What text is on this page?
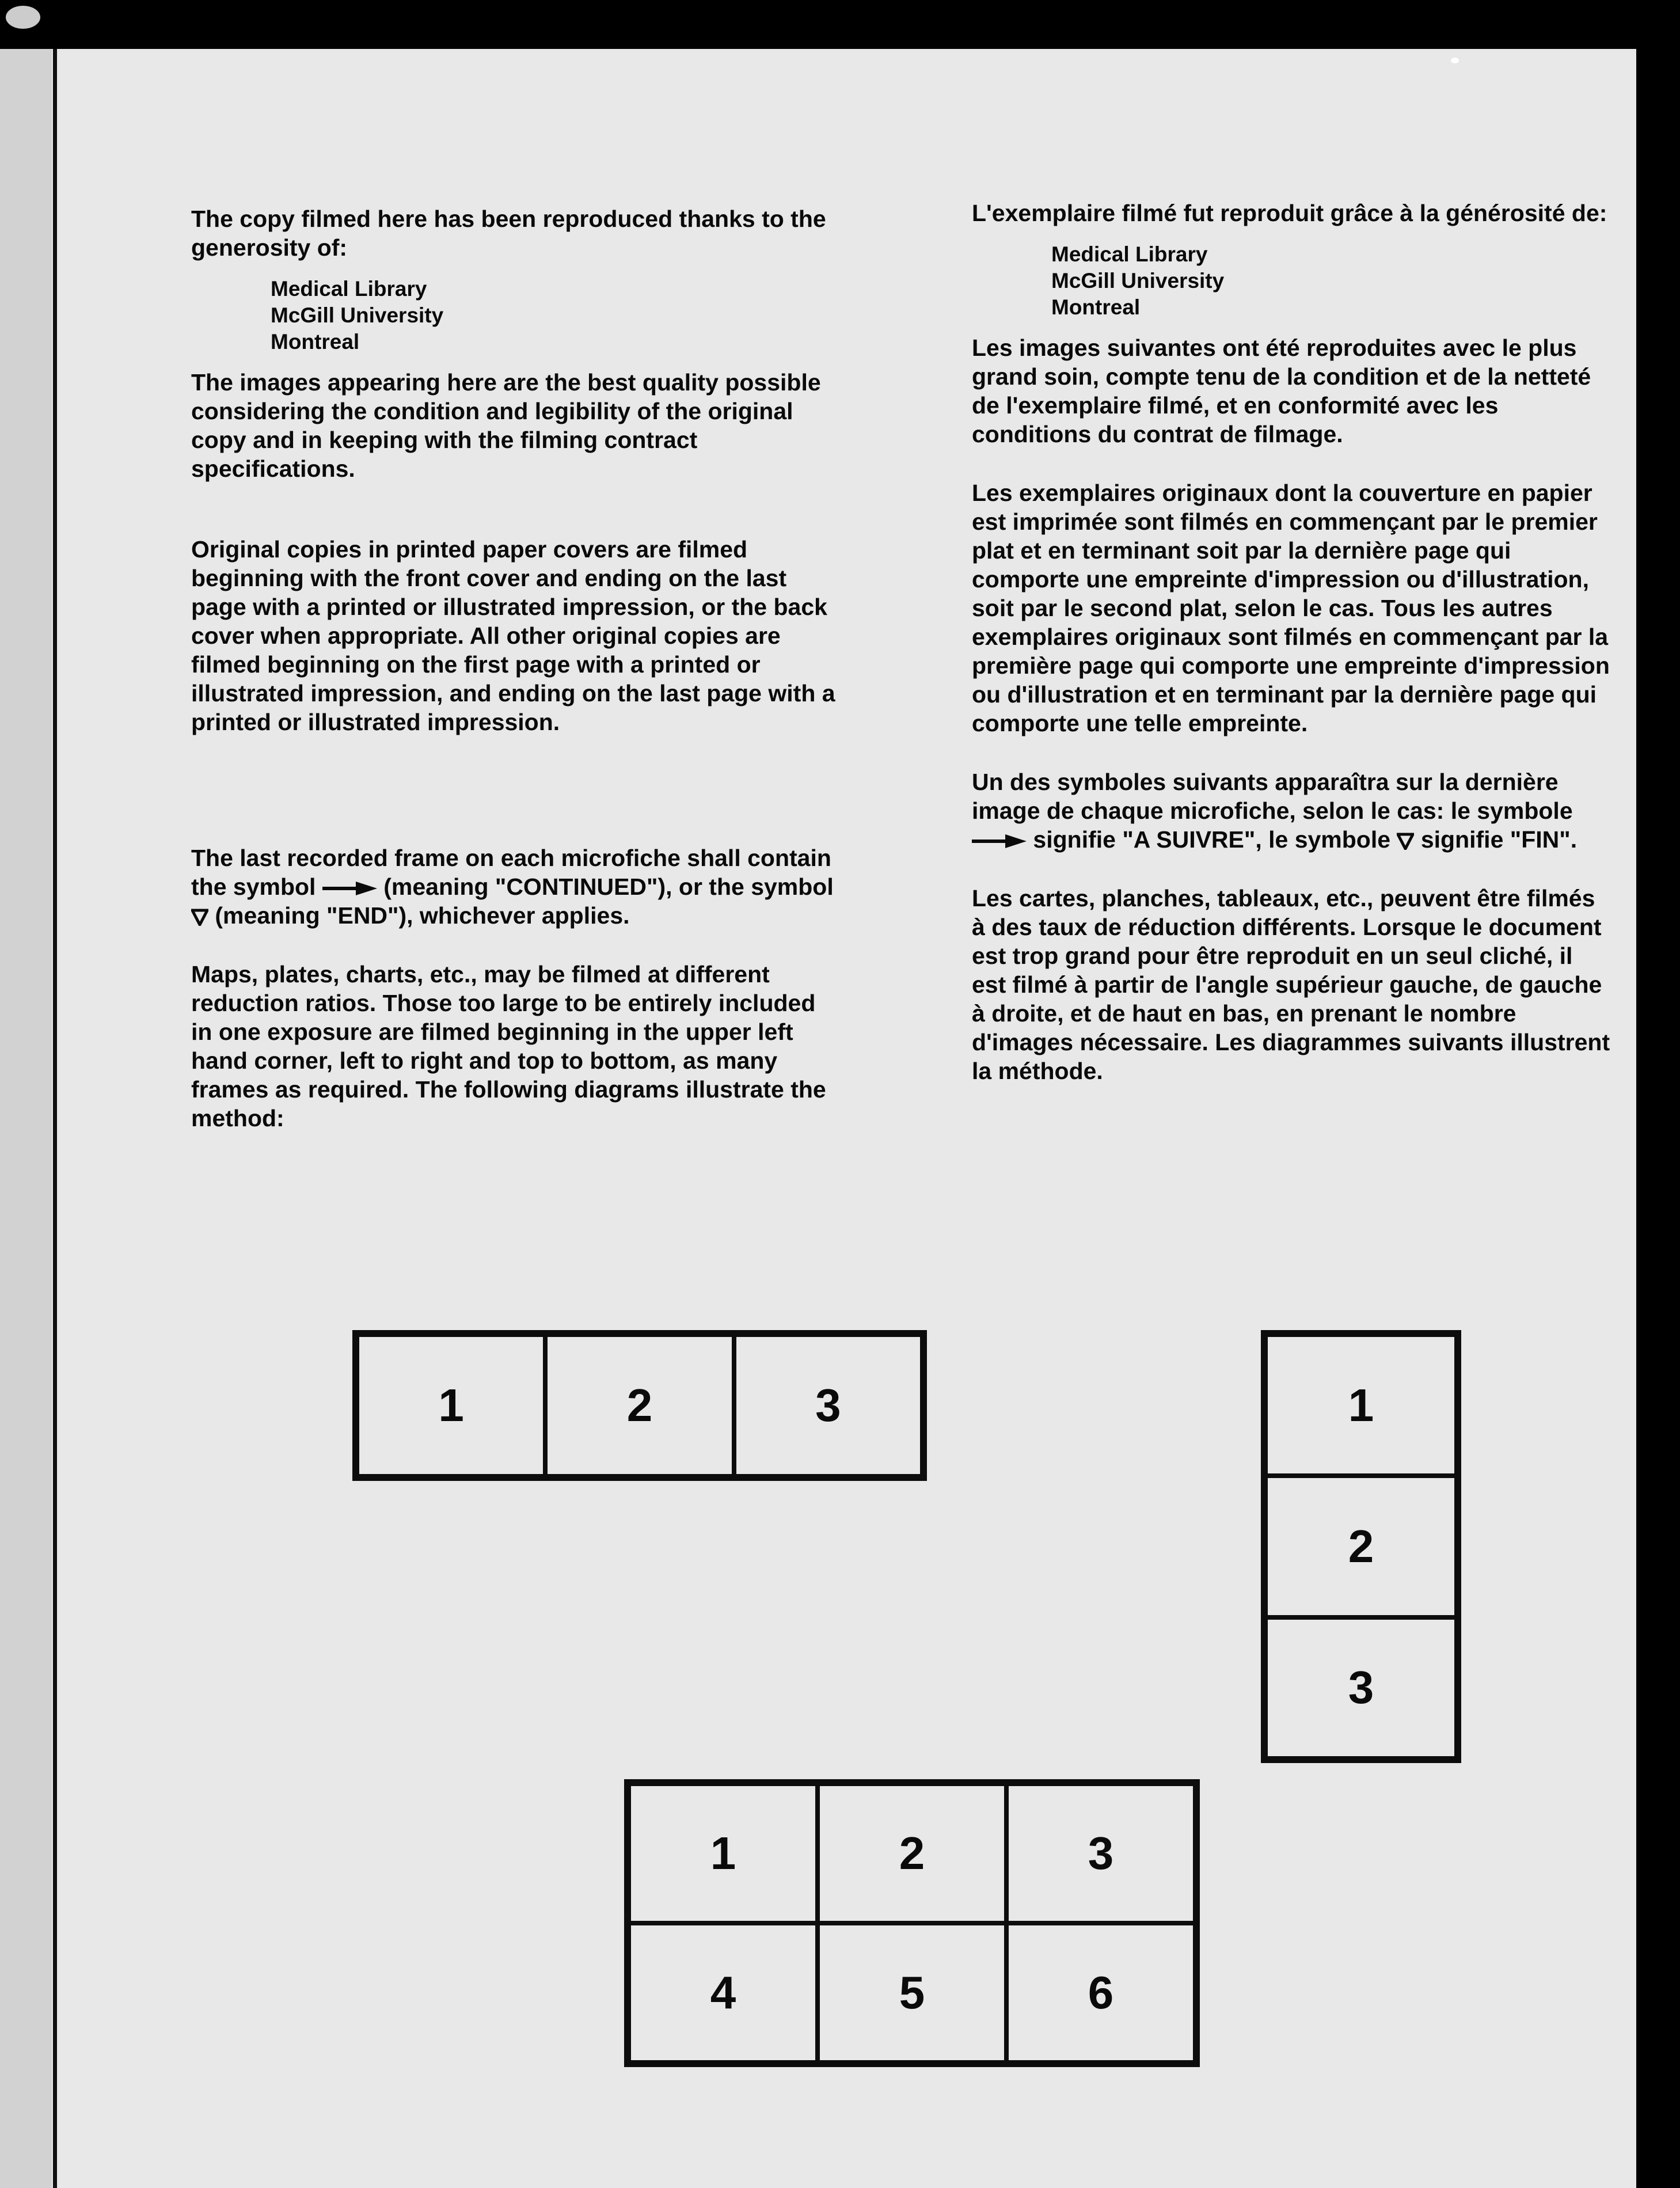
The copy filmed here has been reproduced thanks to the generosity of:

Medical Library
McGill University
Montreal

The images appearing here are the best quality possible considering the condition and legibility of the original copy and in keeping with the filming contract specifications.

Original copies in printed paper covers are filmed beginning with the front cover and ending on the last page with a printed or illustrated impression, or the back cover when appropriate. All other original copies are filmed beginning on the first page with a printed or illustrated impression, and ending on the last page with a printed or illustrated impression.

The last recorded frame on each microfiche shall contain the symbol	(meaning "CONTINUED"), or the symbol  (meaning "END"), whichever applies.

Maps, plates, charts, etc., may be filmed at different reduction ratios. Those too large to be entirely included in one exposure are filmed beginning in the upper left hand corner, left to right and top to bottom, as many frames as required. The following diagrams illustrate the method:

L'exemplaire filmé fut reproduit grâce à la générosité de:

Medical Library
McGill University
Montreal

Les images suivantes ont été reproduites avec le plus grand soin, compte tenu de la condition et de la netteté de l'exemplaire filmé, et en conformité avec les conditions du contrat de filmage.

Les exemplaires originaux dont la couverture en papier est imprimée sont filmés en commençant par le premier plat et en terminant soit par la dernière page qui comporte une empreinte d'impression ou d'illustration, soit par le second plat, selon le cas. Tous les autres exemplaires originaux sont filmés en commençant par la première page qui comporte une empreinte d'impression ou d'illustration et en terminant par la dernière page qui comporte une telle empreinte.

Un des symboles suivants apparaîtra sur la dernière image de chaque microfiche, selon le cas: le symbole  signifie "A SUIVRE", le symbole signifie "FIN".

Les cartes, planches, tableaux, etc., peuvent être filmés à des taux de réduction différents. Lorsque le document est trop grand pour être reproduit en un seul cliché, il est filmé à partir de l'angle supérieur gauche, de gauche à droite, et de haut en bas, en prenant le nombre d'images nécessaire. Les diagrammes suivants illustrent la méthode.

1	2	3	1
2
3
1	2	3
4	5	6
